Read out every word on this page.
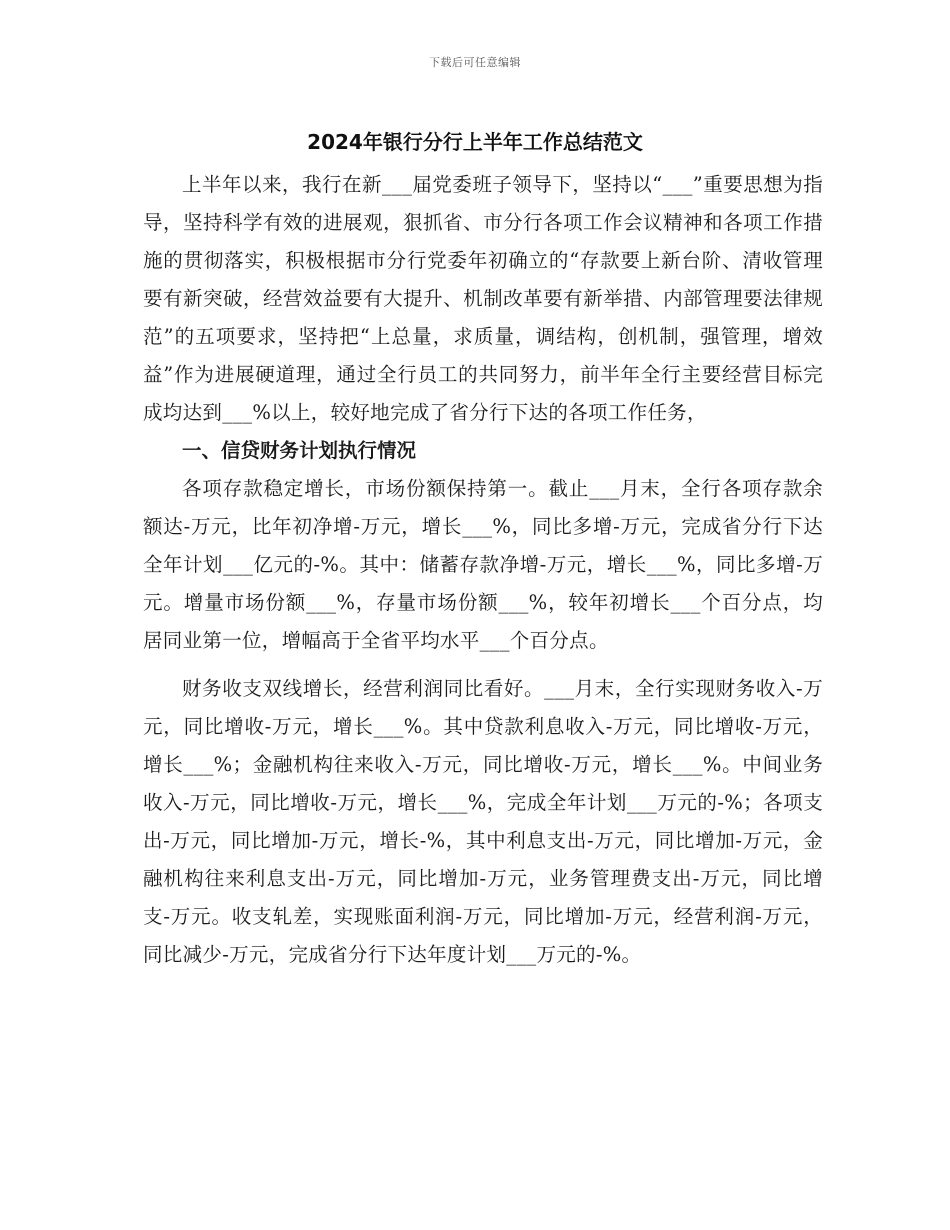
下载后可任意编辑
2024年银行分行上半年工作总结范文

上半年以来，我行在新___届党委班子领导下，坚持以“___”重要思想为指导，坚持科学有效的进展观，狠抓省、市分行各项工作会议精神和各项工作措施的贯彻落实，积极根据市分行党委年初确立的“存款要上新台阶、清收管理要有新突破，经营效益要有大提升、机制改革要有新举措、内部管理要法律规范”的五项要求，坚持把“上总量，求质量，调结构，创机制，强管理，增效益”作为进展硬道理，通过全行员工的共同努力，前半年全行主要经营目标完成均达到___%以上，较好地完成了省分行下达的各项工作任务，

一、信贷财务计划执行情况

各项存款稳定增长，市场份额保持第一。截止___月末，全行各项存款余额达-万元，比年初净增-万元，增长___%，同比多增-万元，完成省分行下达全年计划___亿元的-%。其中：储蓄存款净增-万元，增长___%，同比多增-万元。增量市场份额___%，存量市场份额___%，较年初增长___个百分点，均居同业第一位，增幅高于全省平均水平___个百分点。

财务收支双线增长，经营利润同比看好。___月末，全行实现财务收入-万元，同比增收-万元，增长___%。其中贷款利息收入-万元，同比增收-万元，增长___%；金融机构往来收入-万元，同比增收-万元，增长___%。中间业务收入-万元，同比增收-万元，增长___%，完成全年计划___万元的-%；各项支出-万元，同比增加-万元，增长-%，其中利息支出-万元，同比增加-万元，金融机构往来利息支出-万元，同比增加-万元，业务管理费支出-万元，同比增支-万元。收支轧差，实现账面利润-万元，同比增加-万元，经营利润-万元，同比减少-万元，完成省分行下达年度计划___万元的-%。
